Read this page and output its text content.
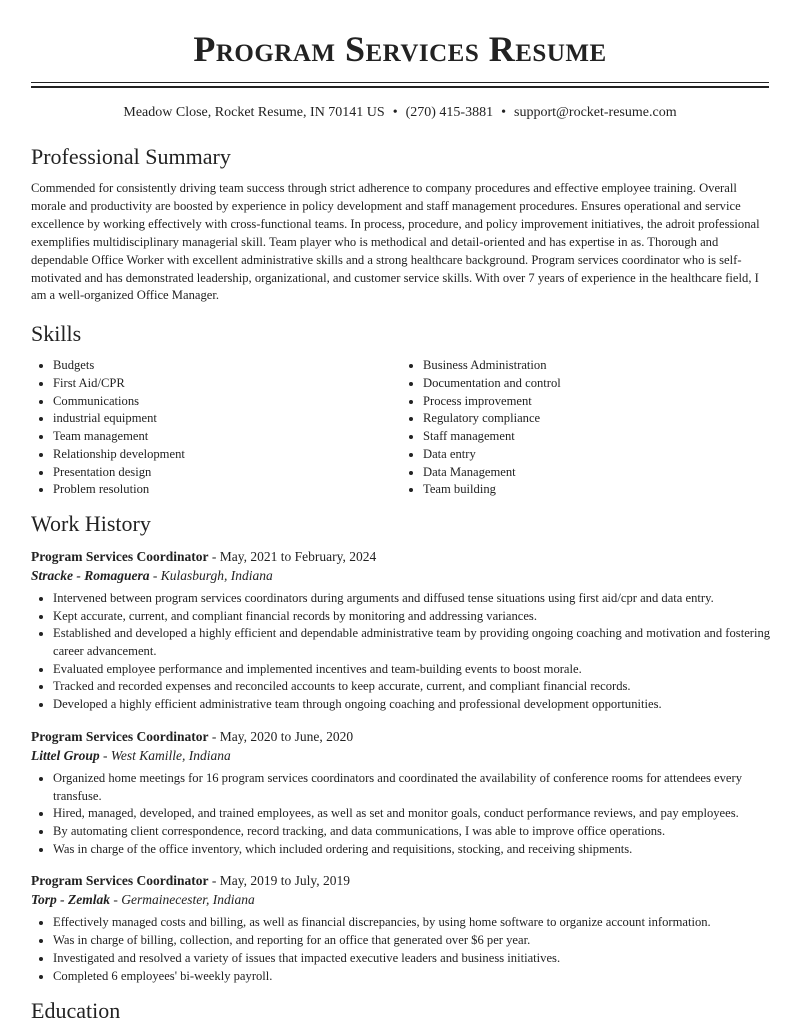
Program Services Resume
Meadow Close, Rocket Resume, IN 70141 US • (270) 415-3881 • support@rocket-resume.com
Professional Summary

Commended for consistently driving team success through strict adherence to company procedures and effective employee training. Overall morale and productivity are boosted by experience in policy development and staff management procedures. Ensures operational and service excellence by working effectively with cross-functional teams. In process, procedure, and policy improvement initiatives, the adroit professional exemplifies multidisciplinary managerial skill. Team player who is methodical and detail-oriented and has expertise in as. Thorough and dependable Office Worker with excellent administrative skills and a strong healthcare background. Program services coordinator who is self-motivated and has demonstrated leadership, organizational, and customer service skills. With over 7 years of experience in the healthcare field, I am a well-organized Office Manager.

Skills
• Budgets
• First Aid/CPR
• Communications
• industrial equipment
• Team management
• Relationship development
• Presentation design
• Problem resolution
• Business Administration
• Documentation and control
• Process improvement
• Regulatory compliance
• Staff management
• Data entry
• Data Management
• Team building
Work History

Program Services Coordinator - May, 2021 to February, 2024

Stracke - Romaguera - Kulasburgh, Indiana

• Intervened between program services coordinators during arguments and diffused tense situations using first aid/cpr and data entry.
• Kept accurate, current, and compliant financial records by monitoring and addressing variances.
• Established and developed a highly efficient and dependable administrative team by providing ongoing coaching and motivation and fostering career advancement.
• Evaluated employee performance and implemented incentives and team-building events to boost morale.
• Tracked and recorded expenses and reconciled accounts to keep accurate, current, and compliant financial records.
• Developed a highly efficient administrative team through ongoing coaching and professional development opportunities.

Program Services Coordinator - May, 2020 to June, 2020

Littel Group - West Kamille, Indiana

• Organized home meetings for 16 program services coordinators and coordinated the availability of conference rooms for attendees every transfuse.
• Hired, managed, developed, and trained employees, as well as set and monitor goals, conduct performance reviews, and pay employees.
• By automating client correspondence, record tracking, and data communications, I was able to improve office operations.
• Was in charge of the office inventory, which included ordering and requisitions, stocking, and receiving shipments.

Program Services Coordinator - May, 2019 to July, 2019

Torp - Zemlak - Germainecester, Indiana

• Effectively managed costs and billing, as well as financial discrepancies, by using home software to organize account information.
• Was in charge of billing, collection, and reporting for an office that generated over $6 per year.
• Investigated and resolved a variety of issues that impacted executive leaders and business initiatives.
• Completed 6 employees' bi-weekly payroll.
Education
